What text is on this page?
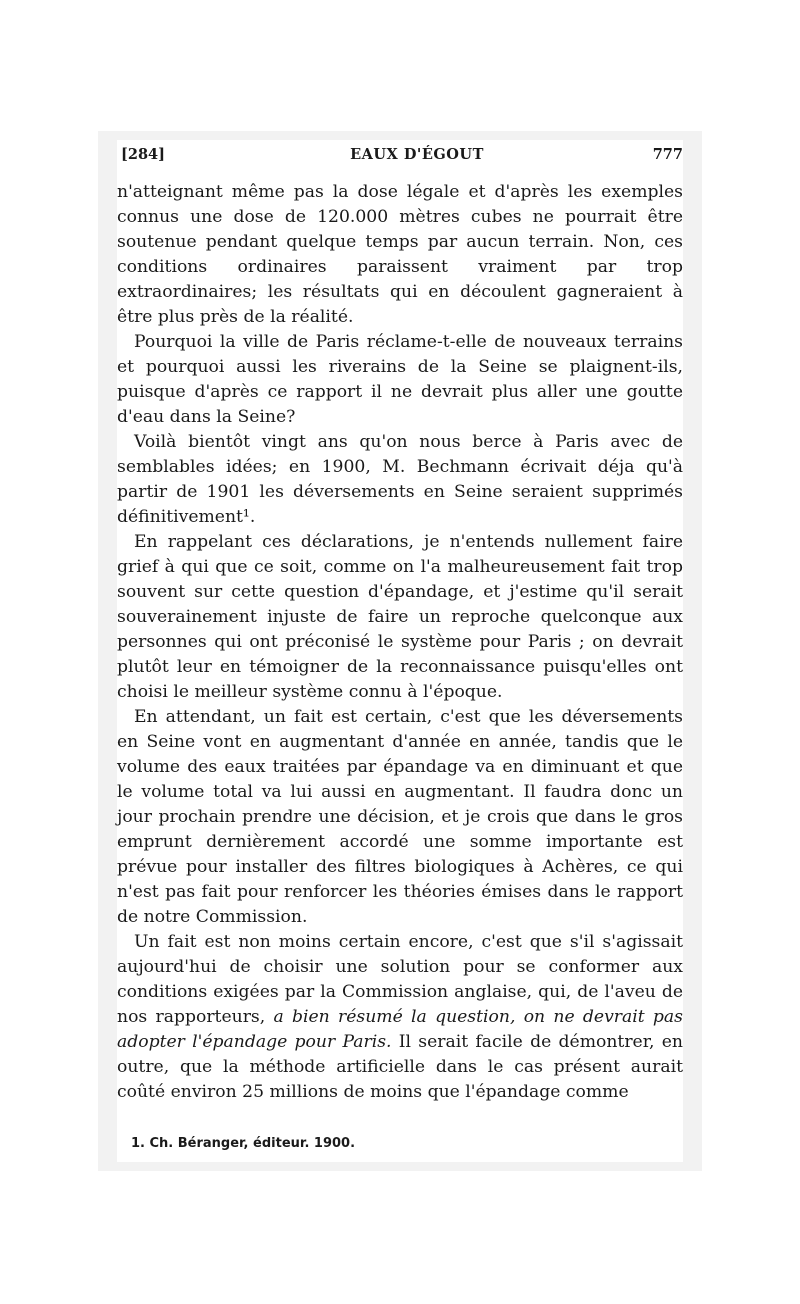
[284]	EAUX D'ÉGOUT	777

n'atteignant même pas la dose légale et d'après les exemples connus une dose de 120.000 mètres cubes ne pourrait être soutenue pendant quelque temps par aucun terrain. Non, ces conditions ordinaires paraissent vraiment par trop extraordinaires; les résultats qui en découlent gagneraient à être plus près de la réalité.

Pourquoi la ville de Paris réclame-t-elle de nouveaux terrains et pourquoi aussi les riverains de la Seine se plaignent-ils, puisque d'après ce rapport il ne devrait plus aller une goutte d'eau dans la Seine?

Voilà bientôt vingt ans qu'on nous berce à Paris avec de semblables idées; en 1900, M. Bechmann écrivait déja qu'à partir de 1901 les déversements en Seine seraient supprimés définitivement¹.

En rappelant ces déclarations, je n'entends nullement faire grief à qui que ce soit, comme on l'a malheureusement fait trop souvent sur cette question d'épandage, et j'estime qu'il serait souverainement injuste de faire un reproche quelconque aux personnes qui ont préconisé le système pour Paris ; on devrait plutôt leur en témoigner de la reconnaissance puisqu'elles ont choisi le meilleur système connu à l'époque.

En attendant, un fait est certain, c'est que les déversements en Seine vont en augmentant d'année en année, tandis que le volume des eaux traitées par épandage va en diminuant et que le volume total va lui aussi en augmentant. Il faudra donc un jour prochain prendre une décision, et je crois que dans le gros emprunt dernièrement accordé une somme importante est prévue pour installer des filtres biologiques à Achères, ce qui n'est pas fait pour renforcer les théories émises dans le rapport de notre Commission.

Un fait est non moins certain encore, c'est que s'il s'agissait aujourd'hui de choisir une solution pour se conformer aux conditions exigées par la Commission anglaise, qui, de l'aveu de nos rapporteurs, a bien résumé la question, on ne devrait pas adopter l'épandage pour Paris. Il serait facile de démontrer, en outre, que la méthode artificielle dans le cas présent aurait coûté environ 25 millions de moins que l'épandage comme

1. Ch. Béranger, éditeur. 1900.
